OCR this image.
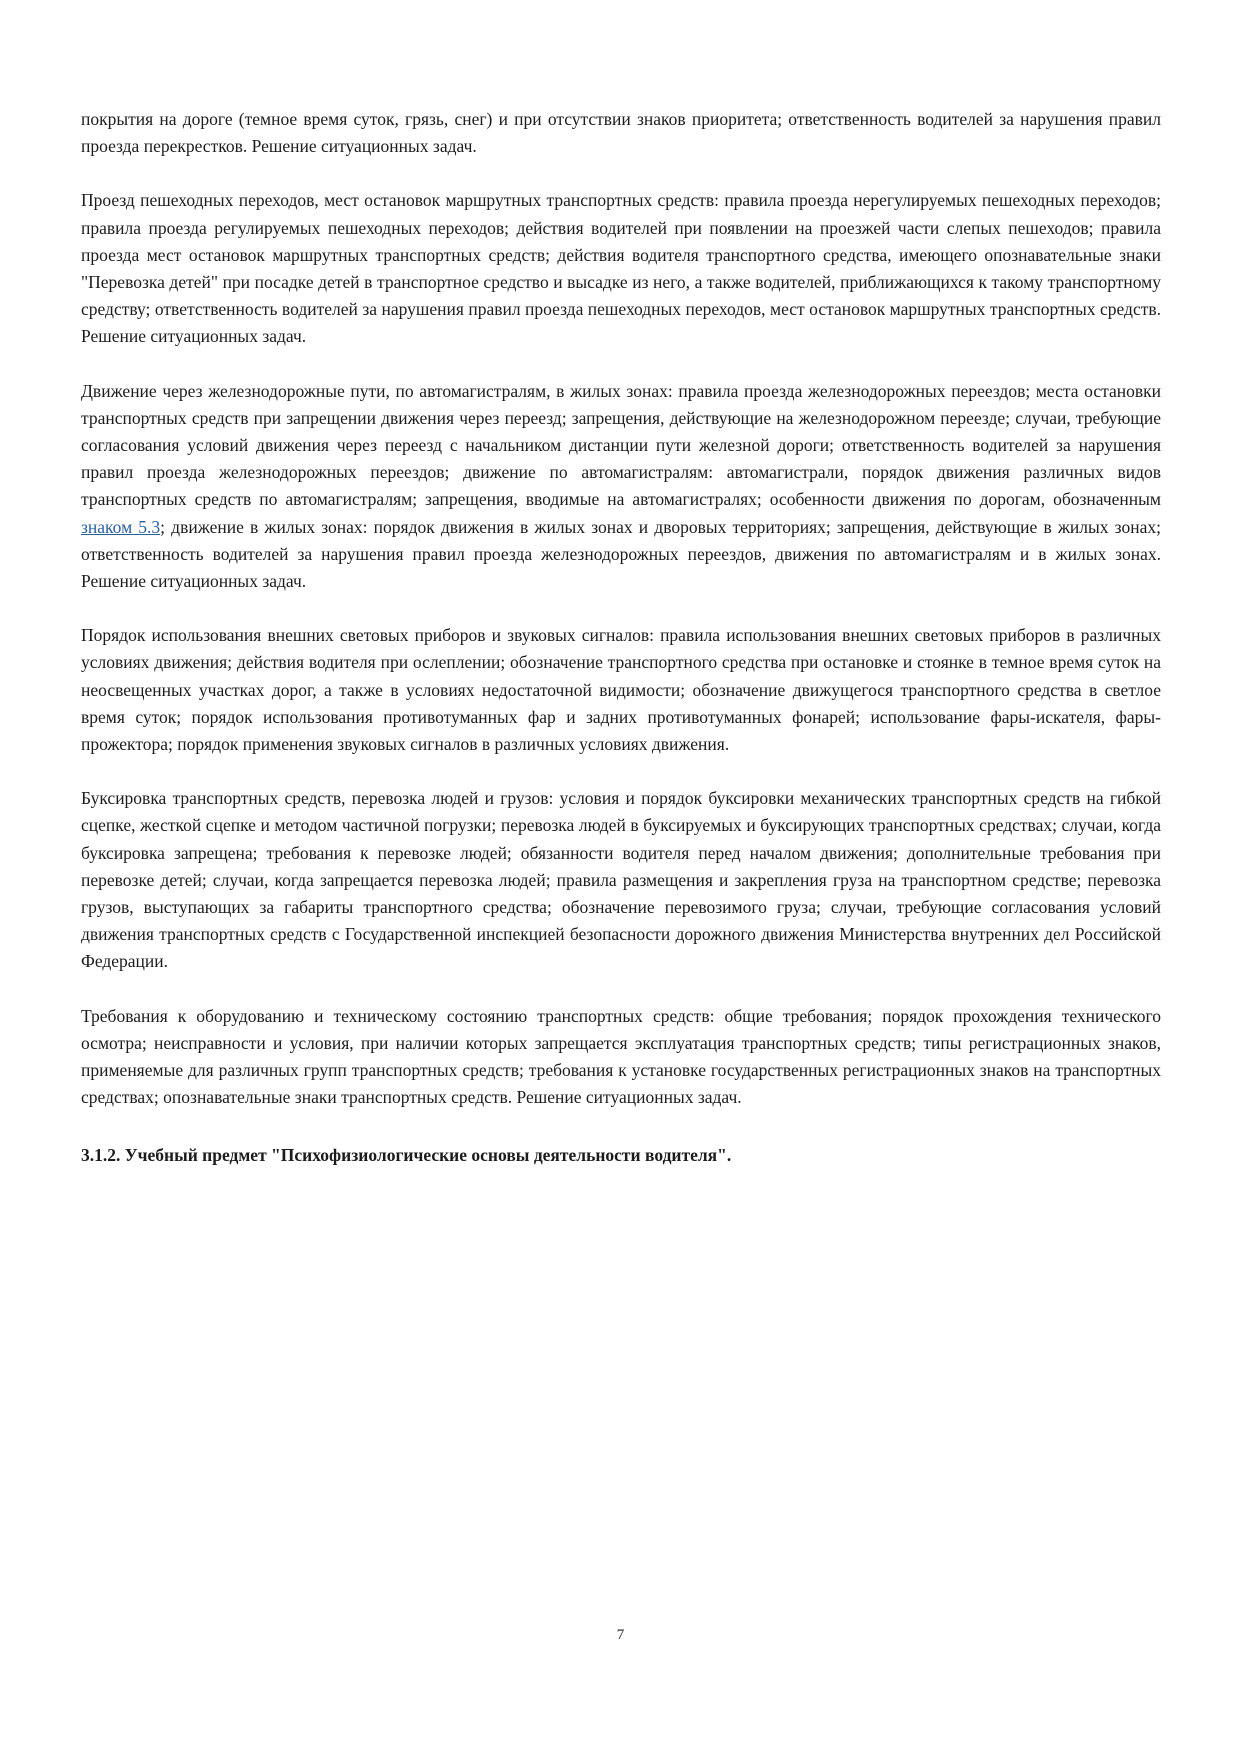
покрытия на дороге (темное время суток, грязь, снег) и при отсутствии знаков приоритета; ответственность водителей за нарушения правил проезда перекрестков. Решение ситуационных задач.

Проезд пешеходных переходов, мест остановок маршрутных транспортных средств: правила проезда нерегулируемых пешеходных переходов; правила проезда регулируемых пешеходных переходов; действия водителей при появлении на проезжей части слепых пешеходов; правила проезда мест остановок маршрутных транспортных средств; действия водителя транспортного средства, имеющего опознавательные знаки "Перевозка детей" при посадке детей в транспортное средство и высадке из него, а также водителей, приближающихся к такому транспортному средству; ответственность водителей за нарушения правил проезда пешеходных переходов, мест остановок маршрутных транспортных средств. Решение ситуационных задач.

Движение через железнодорожные пути, по автомагистралям, в жилых зонах: правила проезда железнодорожных переездов; места остановки транспортных средств при запрещении движения через переезд; запрещения, действующие на железнодорожном переезде; случаи, требующие согласования условий движения через переезд с начальником дистанции пути железной дороги; ответственность водителей за нарушения правил проезда железнодорожных переездов; движение по автомагистралям: автомагистрали, порядок движения различных видов транспортных средств по автомагистралям; запрещения, вводимые на автомагистралях; особенности движения по дорогам, обозначенным знаком 5.3; движение в жилых зонах: порядок движения в жилых зонах и дворовых территориях; запрещения, действующие в жилых зонах; ответственность водителей за нарушения правил проезда железнодорожных переездов, движения по автомагистралям и в жилых зонах. Решение ситуационных задач.

Порядок использования внешних световых приборов и звуковых сигналов: правила использования внешних световых приборов в различных условиях движения; действия водителя при ослеплении; обозначение транспортного средства при остановке и стоянке в темное время суток на неосвещенных участках дорог, а также в условиях недостаточной видимости; обозначение движущегося транспортного средства в светлое время суток; порядок использования противотуманных фар и задних противотуманных фонарей; использование фары-искателя, фары-прожектора; порядок применения звуковых сигналов в различных условиях движения.

Буксировка транспортных средств, перевозка людей и грузов: условия и порядок буксировки механических транспортных средств на гибкой сцепке, жесткой сцепке и методом частичной погрузки; перевозка людей в буксируемых и буксирующих транспортных средствах; случаи, когда буксировка запрещена; требования к перевозке людей; обязанности водителя перед началом движения; дополнительные требования при перевозке детей; случаи, когда запрещается перевозка людей; правила размещения и закрепления груза на транспортном средстве; перевозка грузов, выступающих за габариты транспортного средства; обозначение перевозимого груза; случаи, требующие согласования условий движения транспортных средств с Государственной инспекцией безопасности дорожного движения Министерства внутренних дел Российской Федерации.

Требования к оборудованию и техническому состоянию транспортных средств: общие требования; порядок прохождения технического осмотра; неисправности и условия, при наличии которых запрещается эксплуатация транспортных средств; типы регистрационных знаков, применяемые для различных групп транспортных средств; требования к установке государственных регистрационных знаков на транспортных средствах; опознавательные знаки транспортных средств. Решение ситуационных задач.

3.1.2. Учебный предмет "Психофизиологические основы деятельности водителя".

7
